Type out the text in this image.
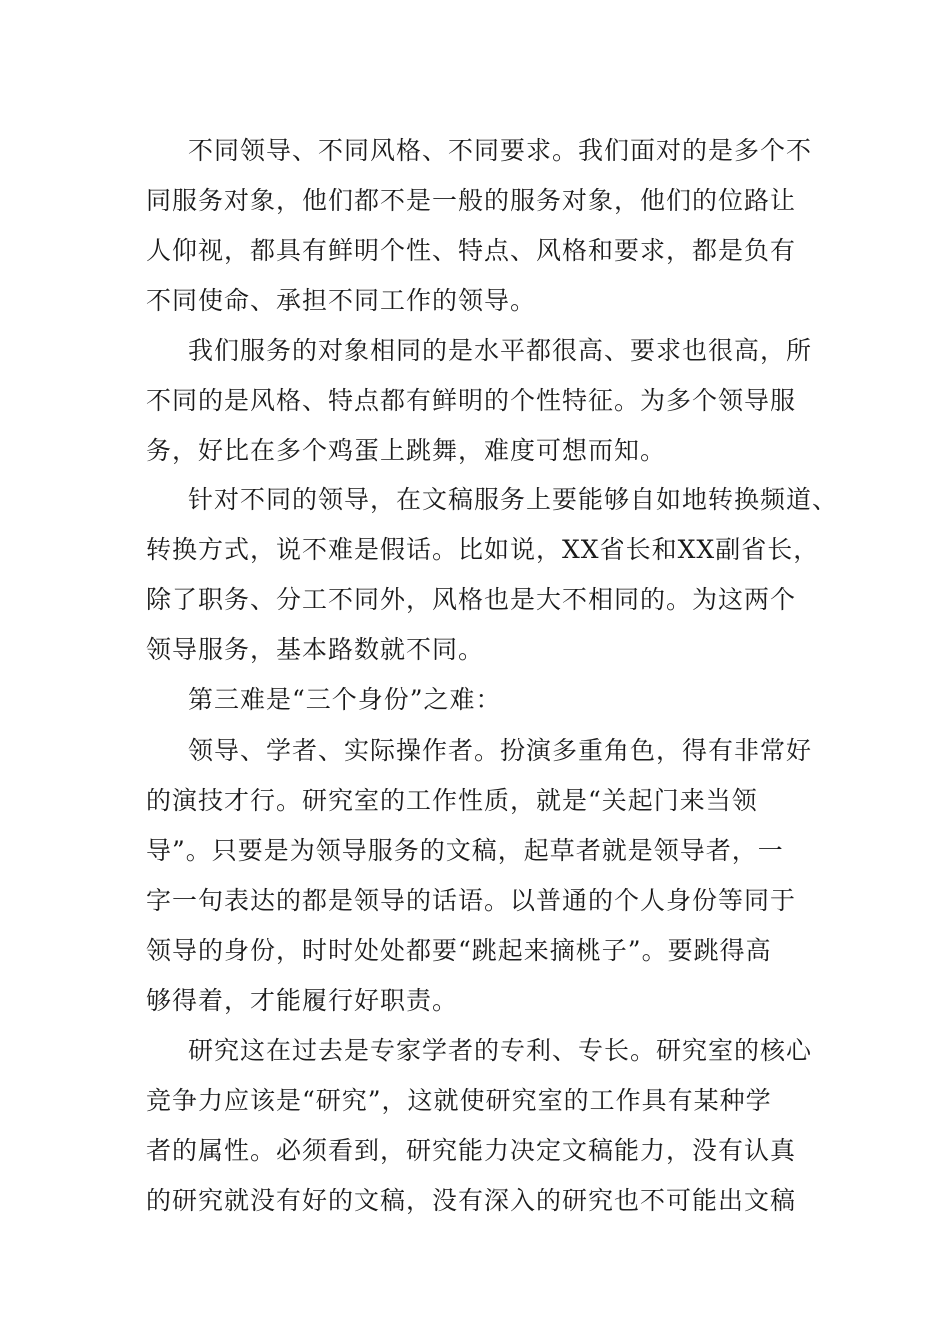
不同领导、不同风格、不同要求。我们面对的是多个不
同服务对象，他们都不是一般的服务对象，他们的位路让
人仰视，都具有鲜明个性、特点、风格和要求，都是负有
不同使命、承担不同工作的领导。
我们服务的对象相同的是水平都很高、要求也很高，所
不同的是风格、特点都有鲜明的个性特征。为多个领导服
务，好比在多个鸡蛋上跳舞，难度可想而知。
针对不同的领导，在文稿服务上要能够自如地转换频道、
转换方式，说不难是假话。比如说，XX省长和XX副省长，
除了职务、分工不同外，风格也是大不相同的。为这两个
领导服务，基本路数就不同。
第三难是“三个身份”之难：
领导、学者、实际操作者。扮演多重角色，得有非常好
的演技才行。研究室的工作性质，就是“关起门来当领
导”。只要是为领导服务的文稿，起草者就是领导者，一
字一句表达的都是领导的话语。以普通的个人身份等同于
领导的身份，时时处处都要“跳起来摘桃子”。要跳得高
够得着，才能履行好职责。
研究这在过去是专家学者的专利、专长。研究室的核心
竞争力应该是“研究”，这就使研究室的工作具有某种学
者的属性。必须看到，研究能力决定文稿能力，没有认真
的研究就没有好的文稿，没有深入的研究也不可能出文稿
